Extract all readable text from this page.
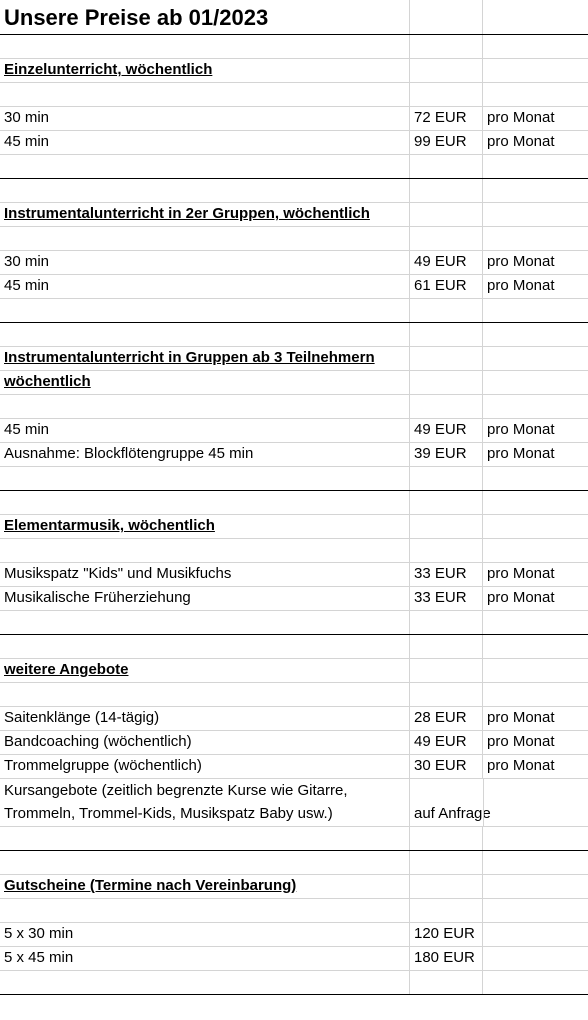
Unsere Preise ab 01/2023
Einzelunterricht, wöchentlich
30 min	72 EUR pro Monat
45 min	99 EUR pro Monat
Instrumentalunterricht in 2er Gruppen, wöchentlich
30 min	49 EUR pro Monat
45 min	61 EUR pro Monat
Instrumentalunterricht in Gruppen ab 3 Teilnehmern
wöchentlich
45 min	49 EUR pro Monat
Ausnahme: Blockflötengruppe 45 min	39 EUR pro Monat
Elementarmusik, wöchentlich
Musikspatz "Kids" und Musikfuchs	33 EUR pro Monat
Musikalische Früherziehung	33 EUR pro Monat
weitere Angebote
Saitenklänge (14-tägig)	28 EUR pro Monat
Bandcoaching (wöchentlich)	49 EUR pro Monat
Trommelgruppe (wöchentlich)	30 EUR pro Monat
Kursangebote (zeitlich begrenzte Kurse wie Gitarre,
Trommeln, Trommel-Kids, Musikspatz Baby usw.)	auf Anfrage
Gutscheine (Termine nach Vereinbarung)
5 x 30 min	120 EUR
5 x 45 min	180 EUR
